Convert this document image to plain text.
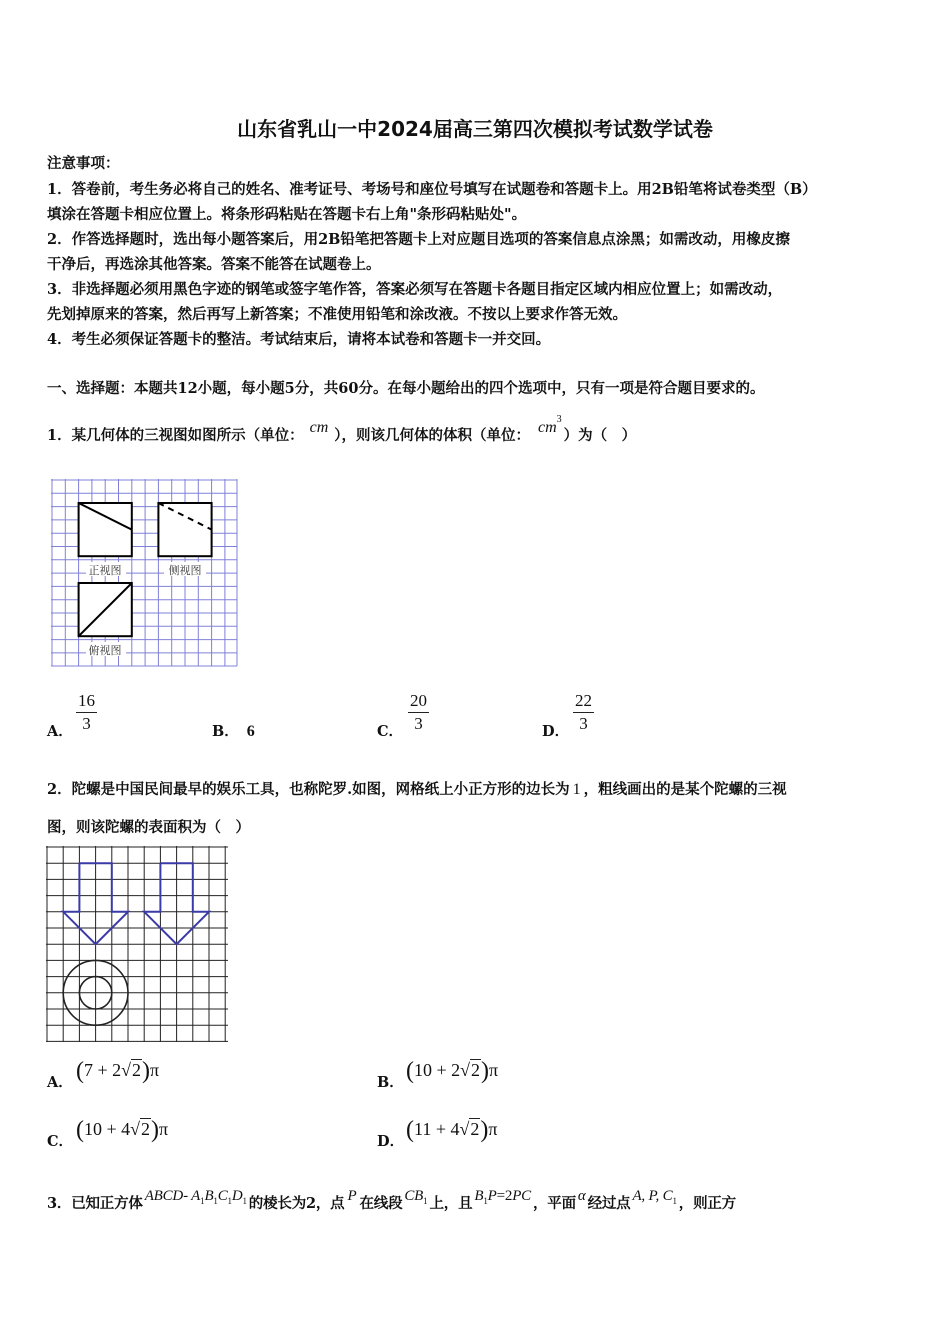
山东省乳山一中2024届高三第四次模拟考试数学试卷
注意事项：
1．答卷前，考生务必将自己的姓名、准考证号、考场号和座位号填写在试题卷和答题卡上。用2B铅笔将试卷类型（B）
填涂在答题卡相应位置上。将条形码粘贴在答题卡右上角"条形码粘贴处"。
2．作答选择题时，选出每小题答案后，用2B铅笔把答题卡上对应题目选项的答案信息点涂黑；如需改动，用橡皮擦
干净后，再选涂其他答案。答案不能答在试题卷上。
3．非选择题必须用黑色字迹的钢笔或签字笔作答，答案必须写在答题卡各题目指定区域内相应位置上；如需改动，
先划掉原来的答案，然后再写上新答案；不准使用铅笔和涂改液。不按以上要求作答无效。
4．考生必须保证答题卡的整洁。考试结束后，请将本试卷和答题卡一并交回。
一、选择题：本题共12小题，每小题5分，共60分。在每小题给出的四个选项中，只有一项是符合题目要求的。
1．某几何体的三视图如图所示（单位： cm ），则该几何体的体积（单位： $cm^3$）为（　）
正视图	侧视图
俯视图
A． $\frac{16}{3}$	B． 6	C． $\frac{20}{3}$	D． $\frac{22}{3}$
2．陀螺是中国民间最早的娱乐工具，也称陀罗.如图，网格纸上小正方形的边长为 1 ，粗线画出的是某个陀螺的三视
图，则该陀螺的表面积为（　）
A． (7 + 2√2)π
B． (10 + 2√2)π
C． (10 + 4√2)π
D． (11 + 4√2)π
3．已知正方体 ABCD- $A_1B_1C_1D_1$ 的棱长为2，点 P 在线段 $CB_1$ 上，且 $B_1P=2PC$ ，平面 α 经过点 A, P, $C_1$ ，则正方
